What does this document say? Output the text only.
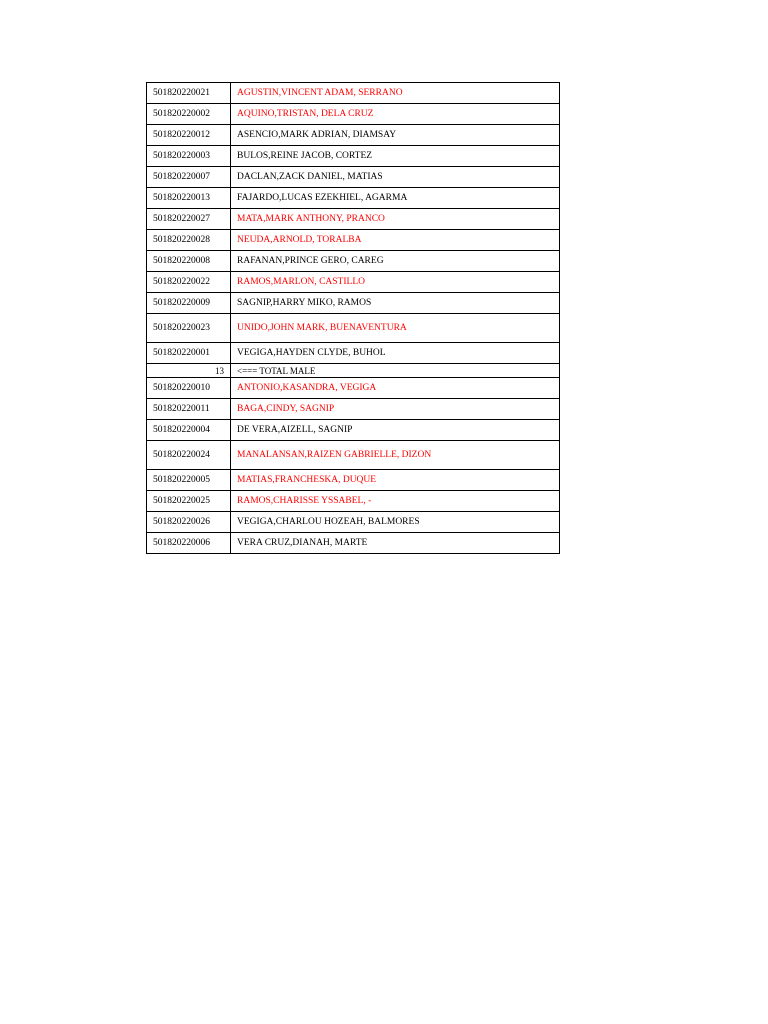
501820220021	AGUSTIN,VINCENT ADAM, SERRANO
501820220002	AQUINO,TRISTAN, DELA CRUZ
501820220012	ASENCIO,MARK ADRIAN, DIAMSAY
501820220003	BULOS,REINE JACOB, CORTEZ
501820220007	DACLAN,ZACK DANIEL, MATIAS
501820220013	FAJARDO,LUCAS EZEKHIEL, AGARMA
501820220027	MATA,MARK ANTHONY, PRANCO
501820220028	NEUDA,ARNOLD, TORALBA
501820220008	RAFANAN,PRINCE GERO, CAREG
501820220022	RAMOS,MARLON, CASTILLO
501820220009	SAGNIP,HARRY MIKO, RAMOS
501820220023	UNIDO,JOHN MARK, BUENAVENTURA
501820220001	VEGIGA,HAYDEN CLYDE, BUHOL
13	<=== TOTAL MALE
501820220010	ANTONIO,KASANDRA, VEGIGA
501820220011	BAGA,CINDY, SAGNIP
501820220004	DE VERA,AIZELL, SAGNIP
501820220024	MANALANSAN,RAIZEN GABRIELLE, DIZON
501820220005	MATIAS,FRANCHESKA, DUQUE
501820220025	RAMOS,CHARISSE YSSABEL, -
501820220026	VEGIGA,CHARLOU HOZEAH, BALMORES
501820220006	VERA CRUZ,DIANAH, MARTE
